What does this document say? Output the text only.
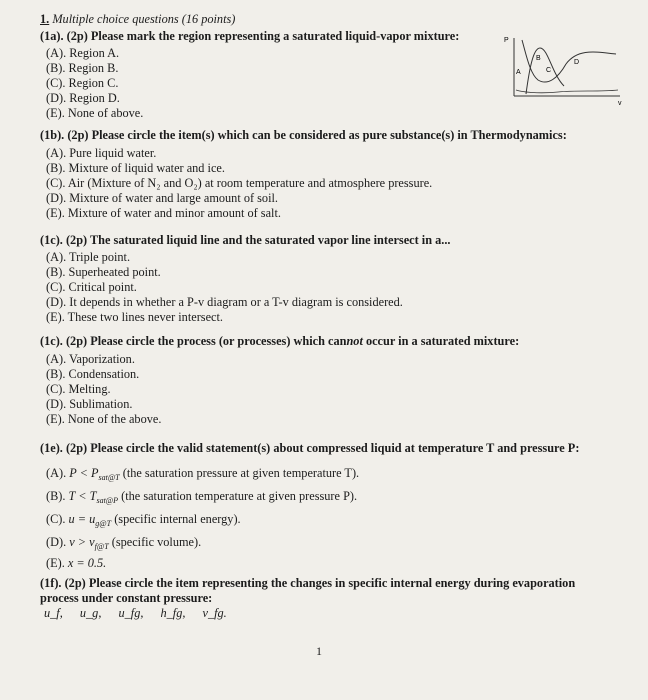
1. Multiple choice questions (16 points)
(1a). (2p) Please mark the region representing a saturated liquid-vapor mixture:
(A). Region A.
(B). Region B.
(C). Region C.
(D). Region D.
(E). None of above.
P
v
A
B
C
D
(1b). (2p) Please circle the item(s) which can be considered as pure substance(s) in Thermodynamics:
(A). Pure liquid water.
(B). Mixture of liquid water and ice.
(C). Air (Mixture of N₂ and O₂) at room temperature and atmosphere pressure.
(D). Mixture of water and large amount of soil.
(E). Mixture of water and minor amount of salt.
(1c). (2p) The saturated liquid line and the saturated vapor line intersect in a...
(A). Triple point.
(B). Superheated point.
(C). Critical point.
(D). It depends in whether a P-v diagram or a T-v diagram is considered.
(E). These two lines never intersect.
(1c). (2p) Please circle the process (or processes) which cannot occur in a saturated mixture:
(A). Vaporization.
(B). Condensation.
(C). Melting.
(D). Sublimation.
(E). None of the above.
(1e). (2p) Please circle the valid statement(s) about compressed liquid at temperature T and pressure P:
(A). $P < P_{sat@T}$ (the saturation pressure at given temperature T).
(B). $T < T_{sat@P}$ (the saturation temperature at given pressure P).
(C). $u = u_{g@T}$ (specific internal energy).
(D). $v > v_{f@T}$ (specific volume).
(E). x = 0.5.
(1f). (2p) Please circle the item representing the changes in specific internal energy during evaporation
process under constant pressure:
u_f, u_g, u_fg, h_fg, v_fg.
1
